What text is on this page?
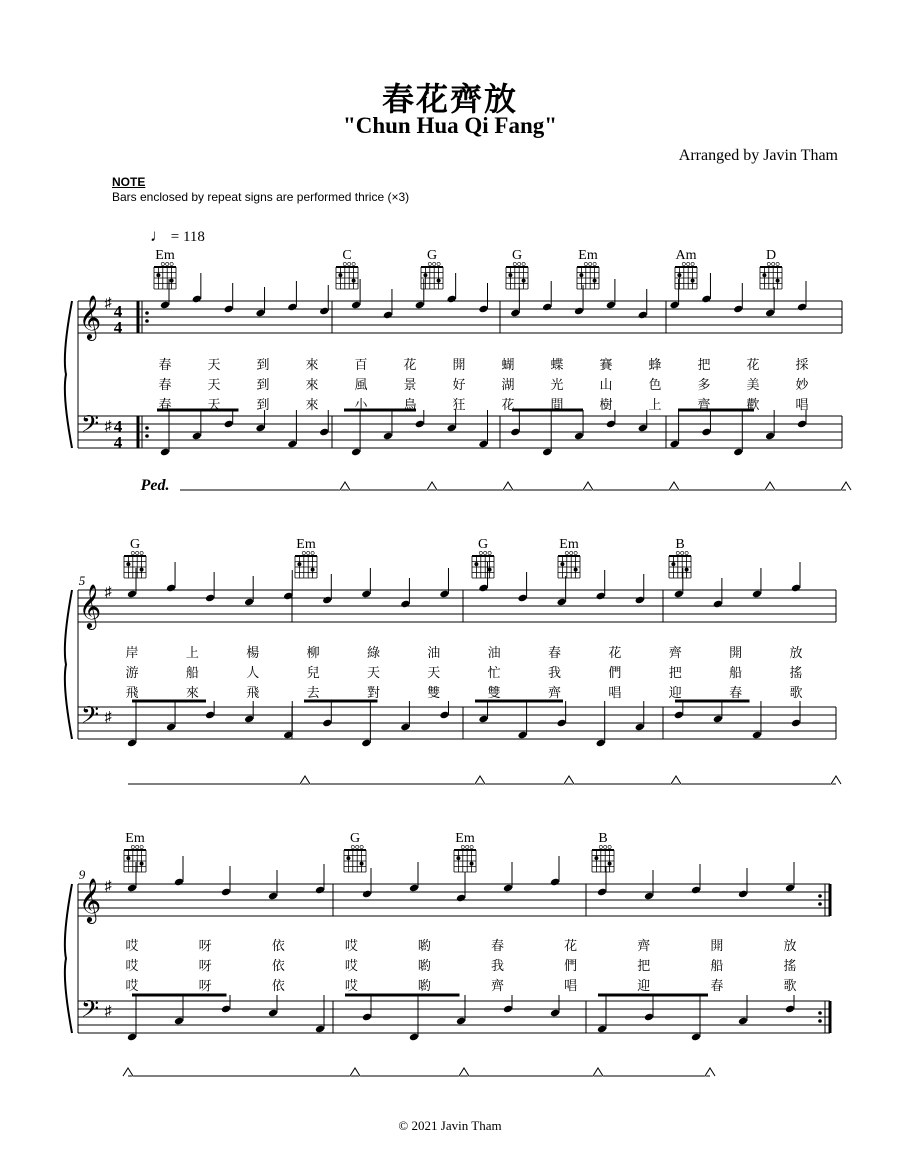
春花齊放
"Chun Hua Qi Fang"
Arranged by Javin Tham
NOTE
Bars enclosed by repeat signs are performed thrice (×3)
♩ = 118
© 2021 Javin Tham
𝄞
𝄢
♯
♯
4
4
4
4
Em	C	G	G	Em	Am	D
春	天	到	來	百	花	開	蝴	蝶	賽	蜂	把	花	採
春	天	到	來	風	景	好	湖	光	山	色	多	美	妙
春	天	到	來	小	鳥	狂	花	間	樹	上	齊	歡	唱
Ped.
5
𝄞
𝄢
♯
♯
G	Em	G	Em	B
岸	上	楊	柳	綠	油	油	春	花	齊	開	放
游	船	人	兒	天	天	忙	我	們	把	船	搖
飛	來	飛	去	對	雙	雙	齊	唱	迎	春	歌
9
𝄞
𝄢
♯
♯
Em	G	Em	B
哎	呀	依	哎	喲	春	花	齊	開	放
哎	呀	依	哎	喲	我	們	把	船	搖
哎	呀	依	哎	喲	齊	唱	迎	春	歌
